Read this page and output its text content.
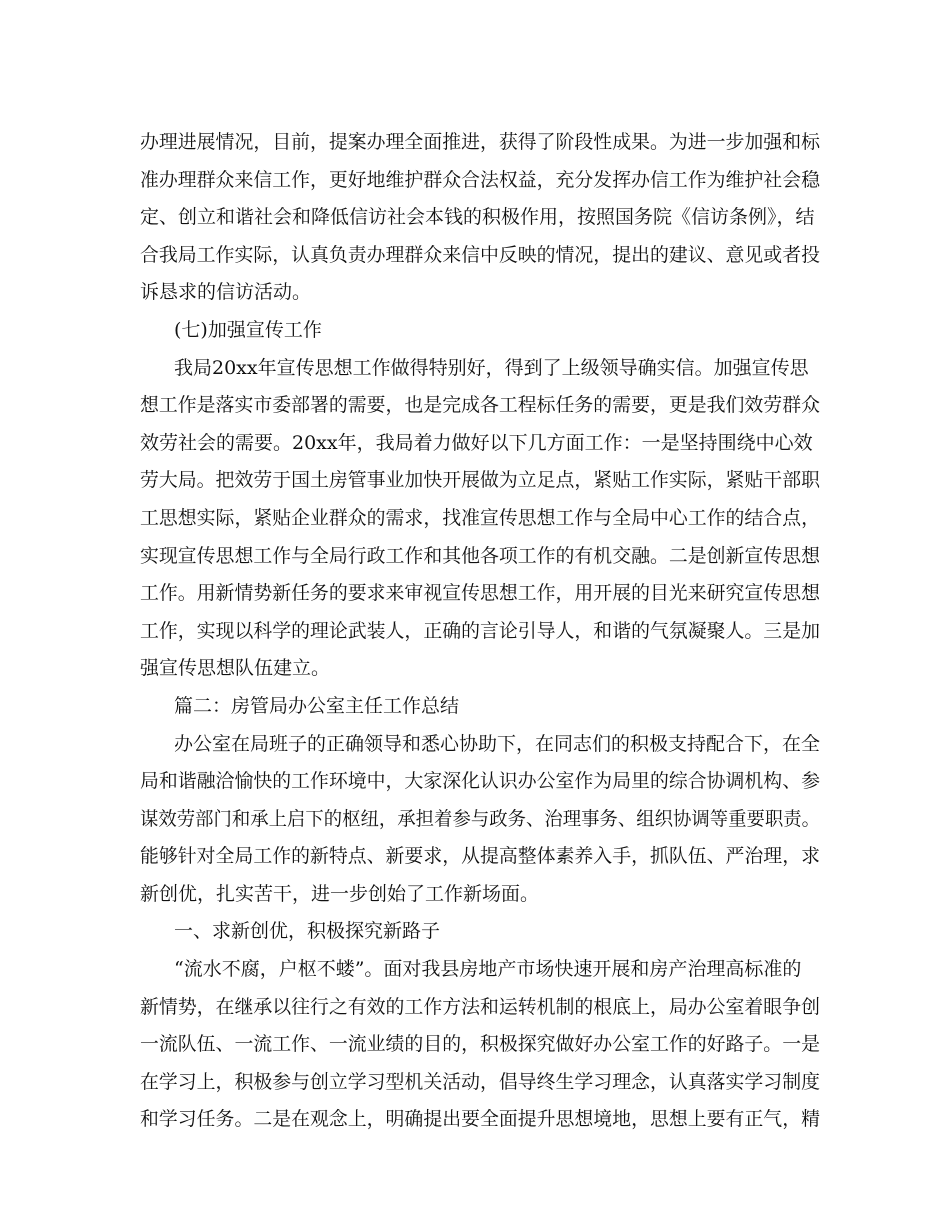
办理进展情况，目前，提案办理全面推进，获得了阶段性成果。为进一步加强和标
准办理群众来信工作，更好地维护群众合法权益，充分发挥办信工作为维护社会稳
定、创立和谐社会和降低信访社会本钱的积极作用，按照国务院《信访条例》，结
合我局工作实际，认真负责办理群众来信中反映的情况，提出的建议、意见或者投
诉恳求的信访活动。
(七)加强宣传工作
我局20xx年宣传思想工作做得特别好，得到了上级领导确实信。加强宣传思
想工作是落实市委部署的需要，也是完成各工程标任务的需要，更是我们效劳群众
效劳社会的需要。20xx年，我局着力做好以下几方面工作：一是坚持围绕中心效
劳大局。把效劳于国土房管事业加快开展做为立足点，紧贴工作实际，紧贴干部职
工思想实际，紧贴企业群众的需求，找准宣传思想工作与全局中心工作的结合点，
实现宣传思想工作与全局行政工作和其他各项工作的有机交融。二是创新宣传思想
工作。用新情势新任务的要求来审视宣传思想工作，用开展的目光来研究宣传思想
工作，实现以科学的理论武装人，正确的言论引导人，和谐的气氛凝聚人。三是加
强宣传思想队伍建立。
篇二：房管局办公室主任工作总结
办公室在局班子的正确领导和悉心协助下，在同志们的积极支持配合下，在全
局和谐融洽愉快的工作环境中，大家深化认识办公室作为局里的综合协调机构、参
谋效劳部门和承上启下的枢纽，承担着参与政务、治理事务、组织协调等重要职责。
能够针对全局工作的新特点、新要求，从提高整体素养入手，抓队伍、严治理，求
新创优，扎实苦干，进一步创始了工作新场面。
一、求新创优，积极探究新路子
“流水不腐，户枢不蝼”。面对我县房地产市场快速开展和房产治理高标准的
新情势，在继承以往行之有效的工作方法和运转机制的根底上，局办公室着眼争创
一流队伍、一流工作、一流业绩的目的，积极探究做好办公室工作的好路子。一是
在学习上，积极参与创立学习型机关活动，倡导终生学习理念，认真落实学习制度
和学习任务。二是在观念上，明确提出要全面提升思想境地，思想上要有正气，精
